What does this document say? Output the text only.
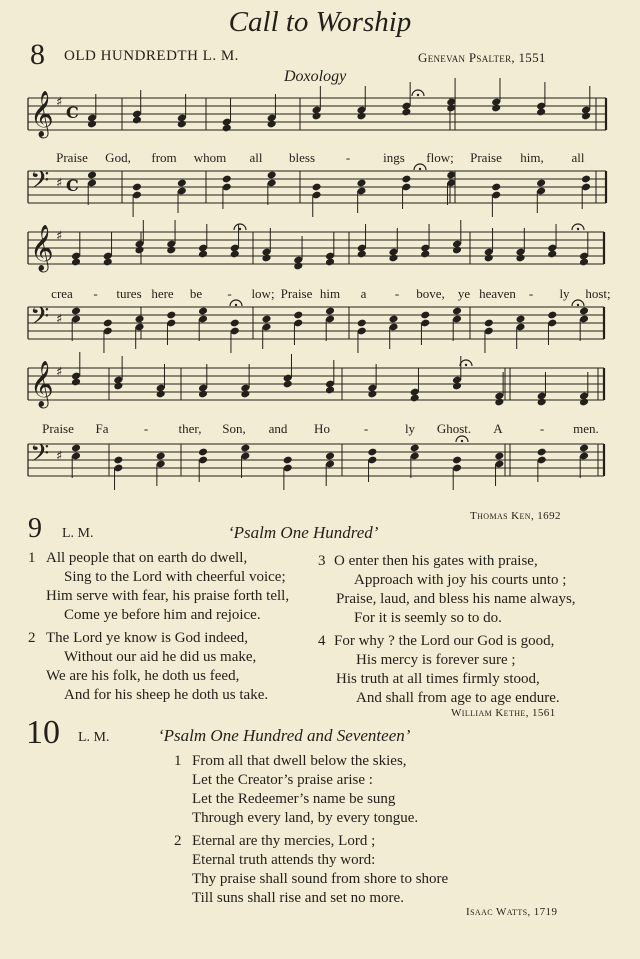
Call to Worship
8 OLD HUNDREDTH L. M.	Genevan Psalter, 1551
Doxology
𝄞 ♯
C
𝄢 ♯ C
𝄞 ♯
𝄢 ♯
𝄞 ♯
𝄢 ♯
Praise God, from whom all bless -	ings flow; Praise him, all
crea - tures here be - low; Praise him a - bove, ye heaven - ly host;
Praise Fa	- ther, Son, and Ho	-	ly Ghost. A	- men.
Thomas Ken, 1692
9 L. M.	‘Psalm One Hundred’
1 All people that on earth do dwell,
Sing to the Lord with cheerful voice;
Him serve with fear, his praise forth tell,
Come ye before him and rejoice.
2 The Lord ye know is God indeed,
Without our aid he did us make,
We are his folk, he doth us feed,
And for his sheep he doth us take.
3 O enter then his gates with praise,
Approach with joy his courts unto ;
Praise, laud, and bless his name always,
For it is seemly so to do.
4 For why ? the Lord our God is good,
His mercy is forever sure ;
His truth at all times firmly stood,
And shall from age to age endure.
William Kethe, 1561
10 L. M.	‘Psalm One Hundred and Seventeen’
1 From all that dwell below the skies,
Let the Creator’s praise arise :
Let the Redeemer’s name be sung
Through every land, by every tongue.
2 Eternal are thy mercies, Lord ;
Eternal truth attends thy word:
Thy praise shall sound from shore to shore
Till suns shall rise and set no more.
Isaac Watts, 1719
